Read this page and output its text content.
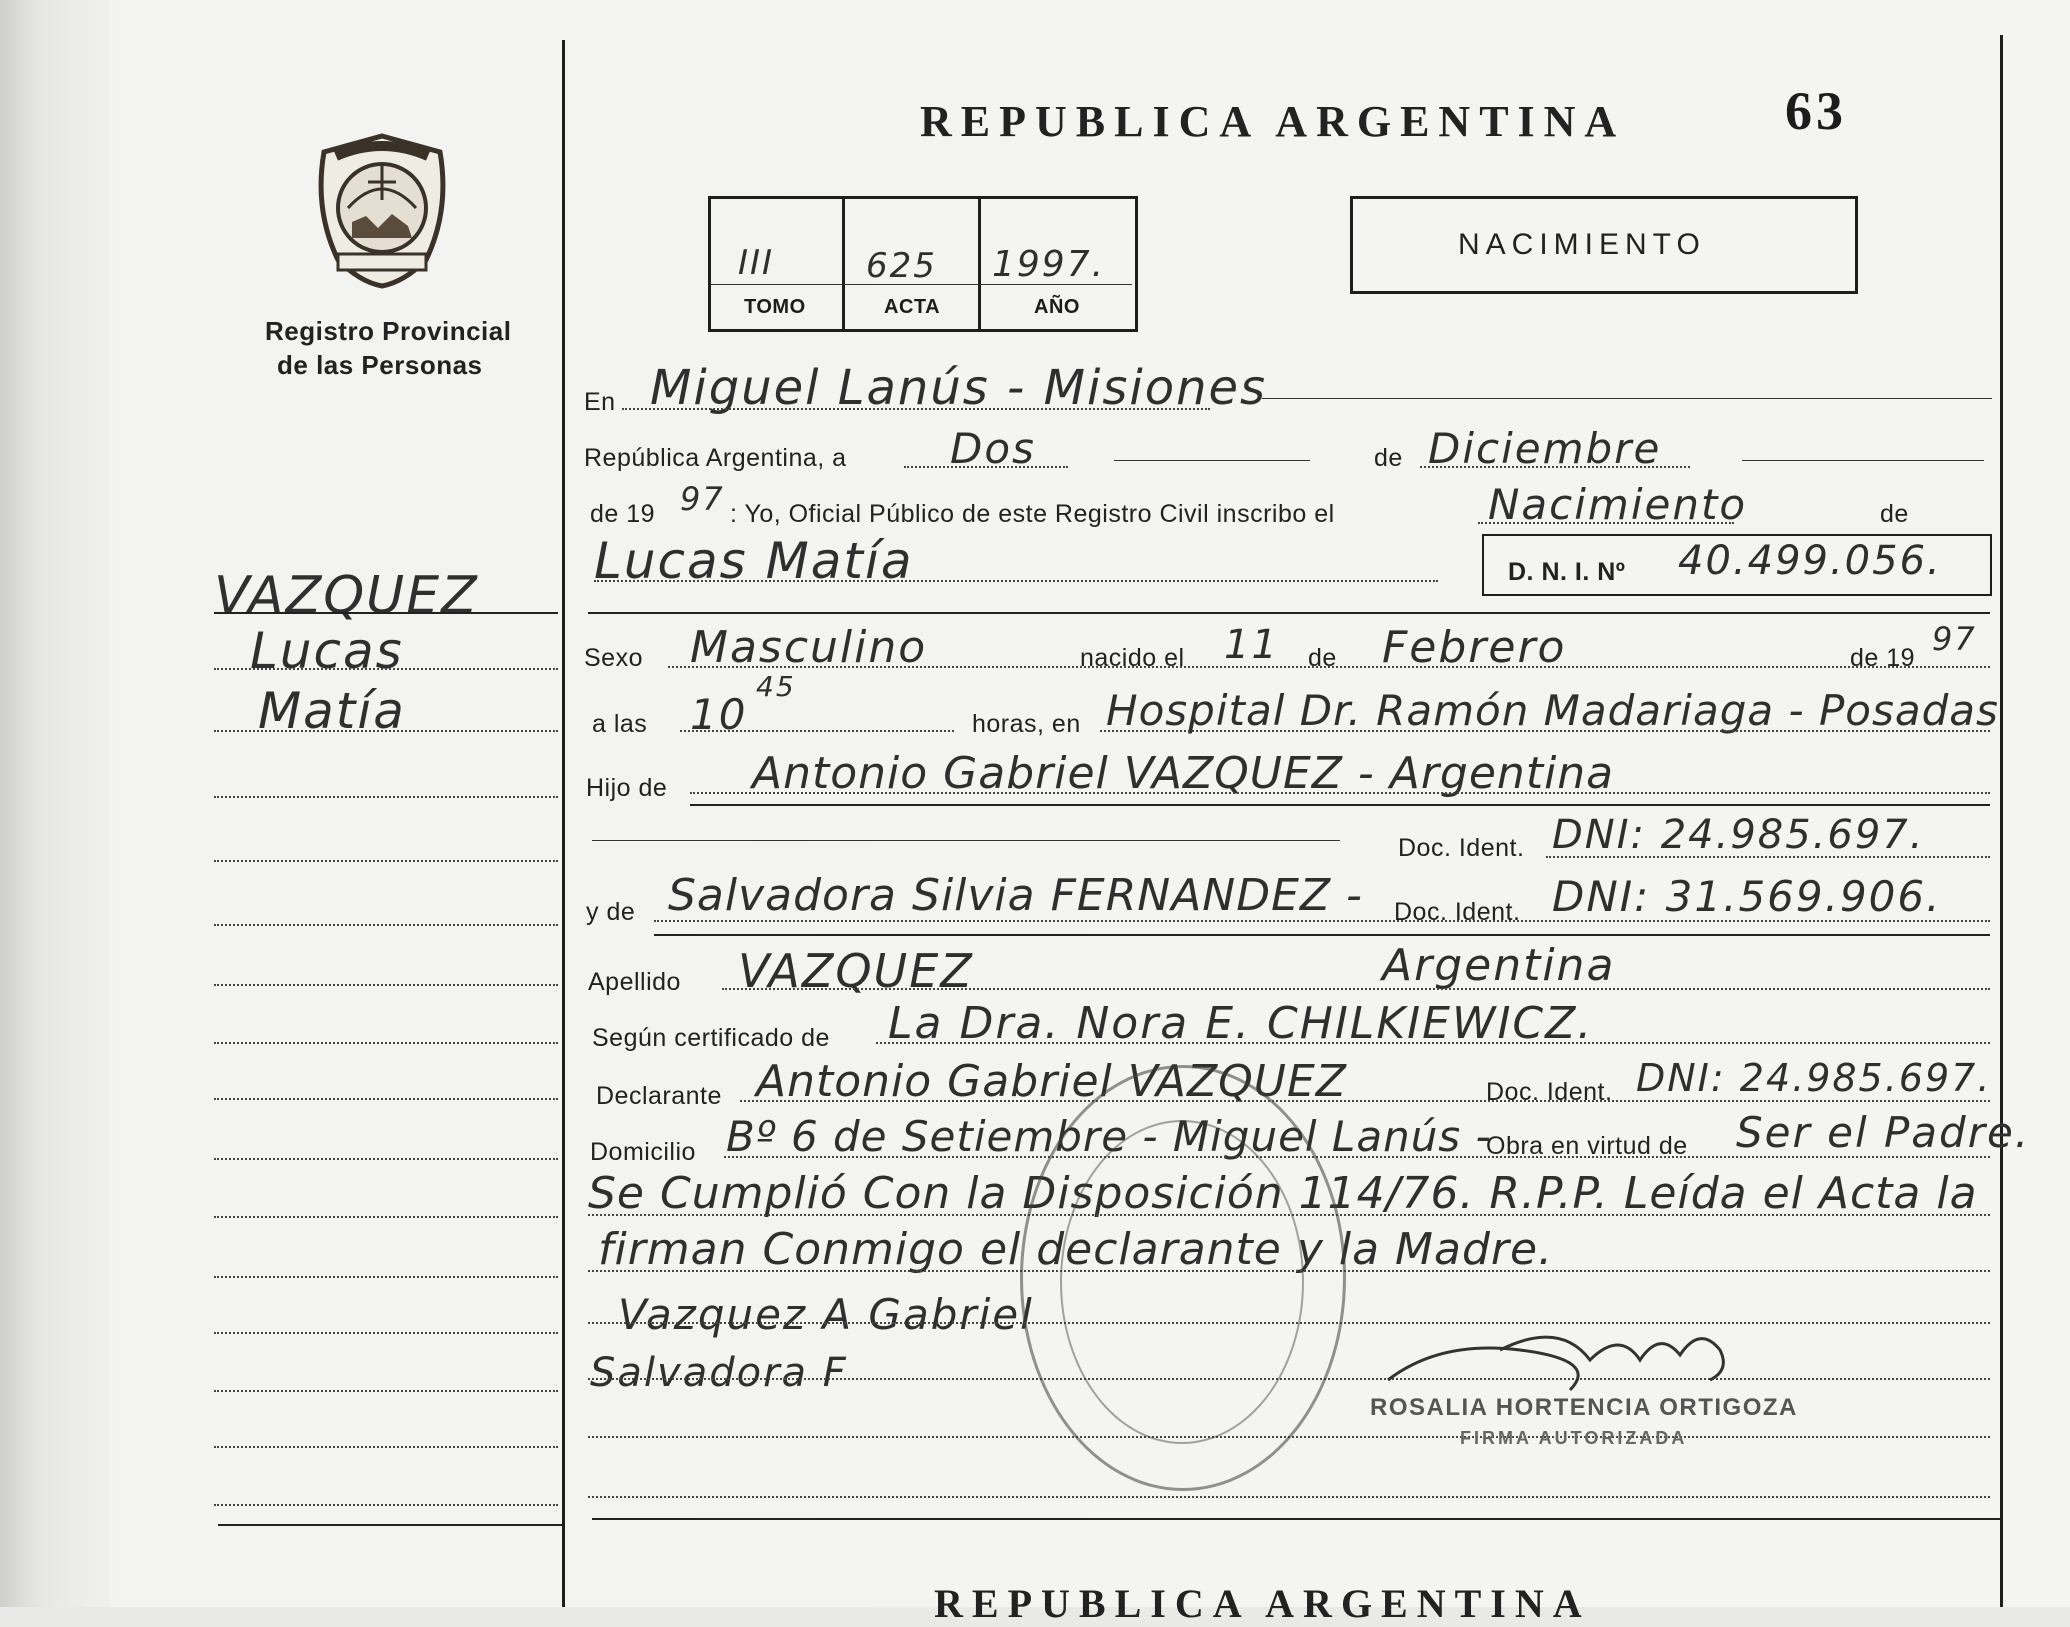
Registro Provincial
de las Personas
REPUBLICA ARGENTINA	63
III	625 1997.
TOMO	ACTA	AÑO
NACIMIENTO
VAZQUEZ
Lucas
Matía
En Miguel Lanús - Misiones
República Argentina, a Dos	de Diciembre
de 19 97 : Yo, Oficial Público de este Registro Civil inscribo el	Nacimiento	de
Lucas Matía	D. N. I. Nº 40.499.056.
Sexo Masculino	nacido el 11 de Febrero	de 19 97
a las 10
45
horas, en Hospital Dr. Ramón Madariaga - Posadas
Hijo de Antonio Gabriel VAZQUEZ - Argentina
Doc. Ident. DNI: 24.985.697.
y de Salvadora Silvia FERNANDEZ - Doc. Ident. DNI: 31.569.906.
Apellido VAZQUEZ	Argentina
Según certificado de La Dra. Nora E. CHILKIEWICZ.
Declarante Antonio Gabriel VAZQUEZ	Doc. Ident. DNI: 24.985.697.
Domicilio Bº 6 de Setiembre - Miguel Lanús -
Obra en virtud de Ser el Padre.
Se Cumplió Con la Disposición 114/76. R.P.P. Leída el Acta la
firman Conmigo el declarante y la Madre.
Vazquez A Gabriel
Salvadora F
ROSALIA HORTENCIA ORTIGOZA
FIRMA AUTORIZADA
REPUBLICA ARGENTINA
